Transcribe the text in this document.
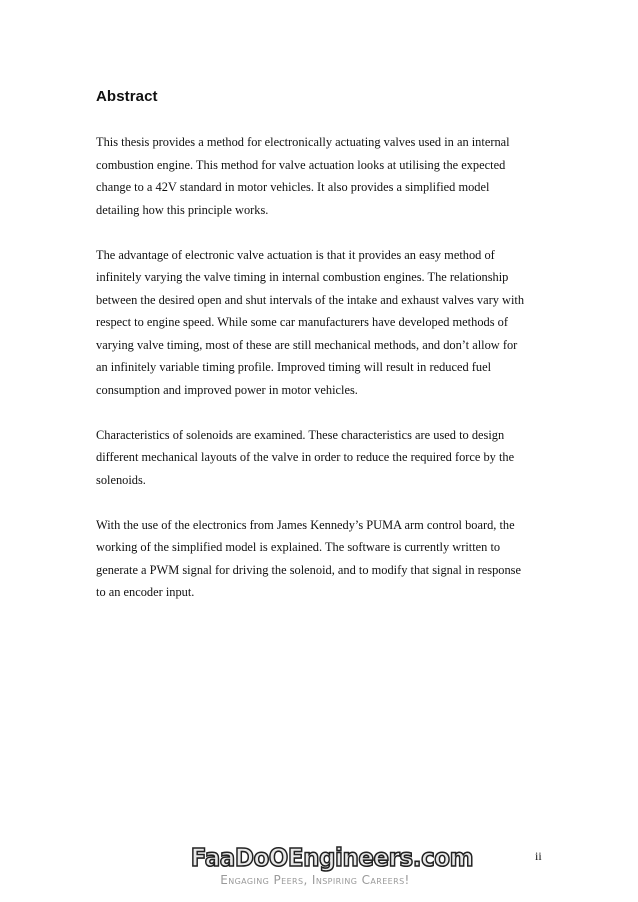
Abstract

This thesis provides a method for electronically actuating valves used in an internal
combustion engine. This method for valve actuation looks at utilising the expected
change to a 42V standard in motor vehicles. It also provides a simplified model
detailing how this principle works.

The advantage of electronic valve actuation is that it provides an easy method of
infinitely varying the valve timing in internal combustion engines. The relationship
between the desired open and shut intervals of the intake and exhaust valves vary with
respect to engine speed. While some car manufacturers have developed methods of
varying valve timing, most of these are still mechanical methods, and don’t allow for
an infinitely variable timing profile. Improved timing will result in reduced fuel
consumption and improved power in motor vehicles.

Characteristics of solenoids are examined. These characteristics are used to design
different mechanical layouts of the valve in order to reduce the required force by the
solenoids.

With the use of the electronics from James Kennedy’s PUMA arm control board, the
working of the simplified model is explained. The software is currently written to
generate a PWM signal for driving the solenoid, and to modify that signal in response
to an encoder input.

FaaDoOEngineers.com
Engaging Peers, Inspiring Careers!
ii
